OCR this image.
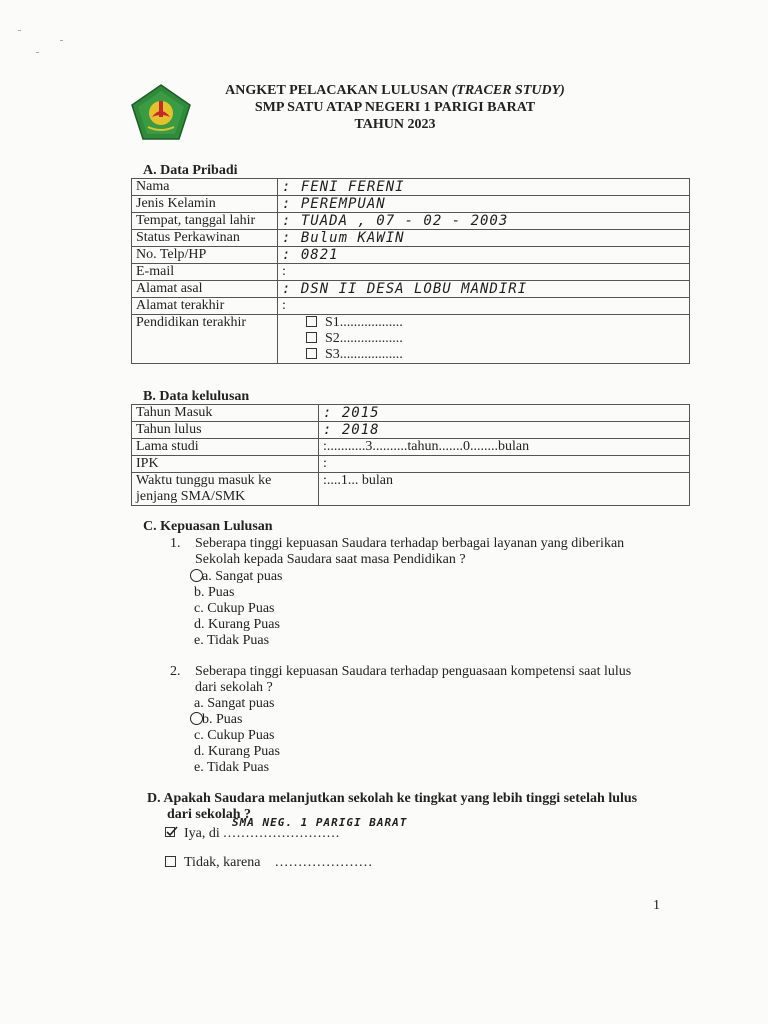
ANGKET PELACAKAN LULUSAN (TRACER STUDY)
SMP SATU ATAP NEGERI 1 PARIGI BARAT
TAHUN 2023
A. Data Pribadi
Nama	: FENI FERENI
Jenis Kelamin	: PEREMPUAN
Tempat, tanggal lahir	: TUADA , 07 - 02 - 2003
Status Perkawinan	: Bulum KAWIN
No. Telp/HP	: 0821
E-mail	:
Alamat asal	: DSN II DESA LOBU MANDIRI
Alamat terakhir	:
Pendidikan terakhir	S1..................
S2..................
S3..................
B. Data kelulusan
Tahun Masuk	: 2015
Tahun lulus	: 2018
Lama studi	:...........3..........tahun.......0........bulan
IPK	:
Waktu tunggu masuk ke jenjang SMA/SMK	:....1... bulan
C. Kepuasan Lulusan
1. Seberapa tinggi kepuasan Saudara terhadap berbagai layanan yang diberikan
Sekolah kepada Saudara saat masa Pendidikan ?
a. Sangat puas
b. Puas
c. Cukup Puas
d. Kurang Puas
e. Tidak Puas
2. Seberapa tinggi kepuasan Saudara terhadap penguasaan kompetensi saat lulus
dari sekolah ?
a. Sangat puas
b. Puas
c. Cukup Puas
d. Kurang Puas
e. Tidak Puas
D. Apakah Saudara melanjutkan sekolah ke tingkat yang lebih tinggi setelah lulus
dari sekolah ?
Iya, di ..........................
SMA NEG. 1 PARIGI BARAT
Tidak, karena …………………
1
